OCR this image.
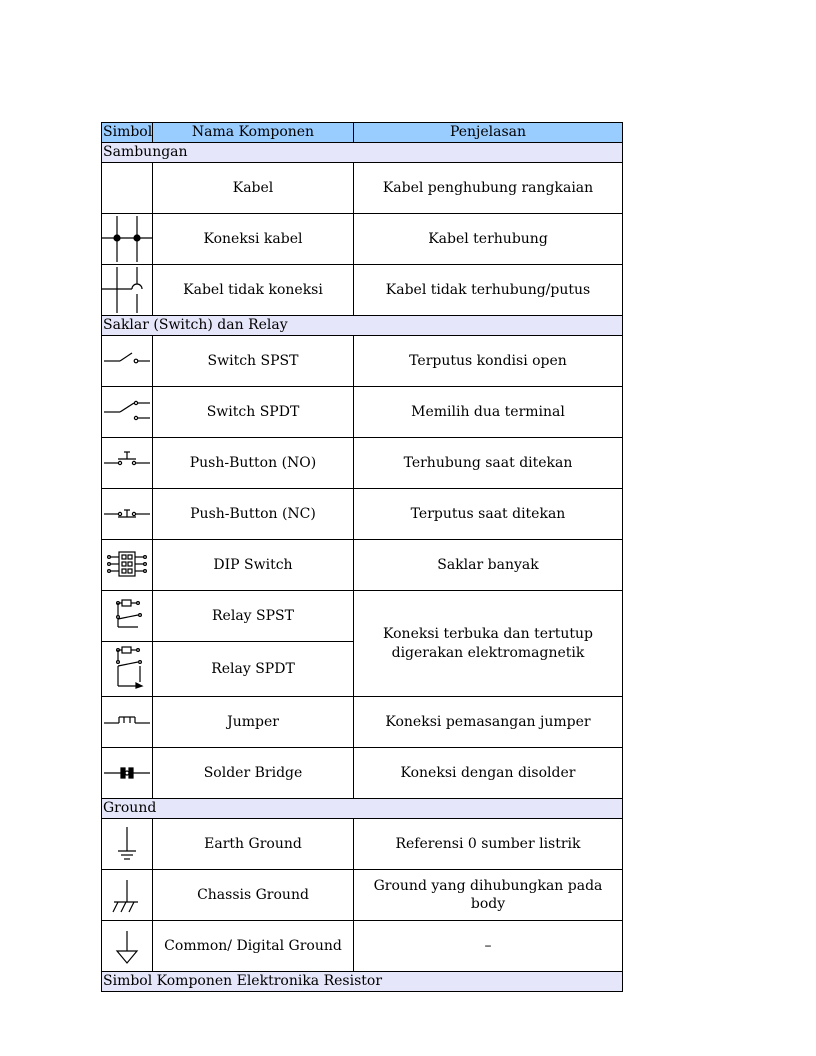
Simbol	Nama Komponen	Penjelasan
Sambungan		

	Kabel	Kabel penghubung rangkaian

	Koneksi kabel	Kabel terhubung

	Kabel tidak koneksi	Kabel tidak terhubung/putus
Saklar (Switch) dan Relay		

	Switch SPST	Terputus kondisi open

	Switch SPDT	Memilih dua terminal

	Push-Button (NO)	Terhubung saat ditekan

	Push-Button (NC)	Terputus saat ditekan

	DIP Switch	Saklar banyak

	Relay SPST	Koneksi terbuka dan tertutup digerakan elektromagnetik

	Relay SPDT	

	Jumper	Koneksi pemasangan jumper

	Solder Bridge	Koneksi dengan disolder
Ground		

	Earth Ground	Referensi 0 sumber listrik

	Chassis Ground	Ground yang dihubungkan pada body

	Common/ Digital Ground	–
Simbol Komponen Elektronika Resistor		
